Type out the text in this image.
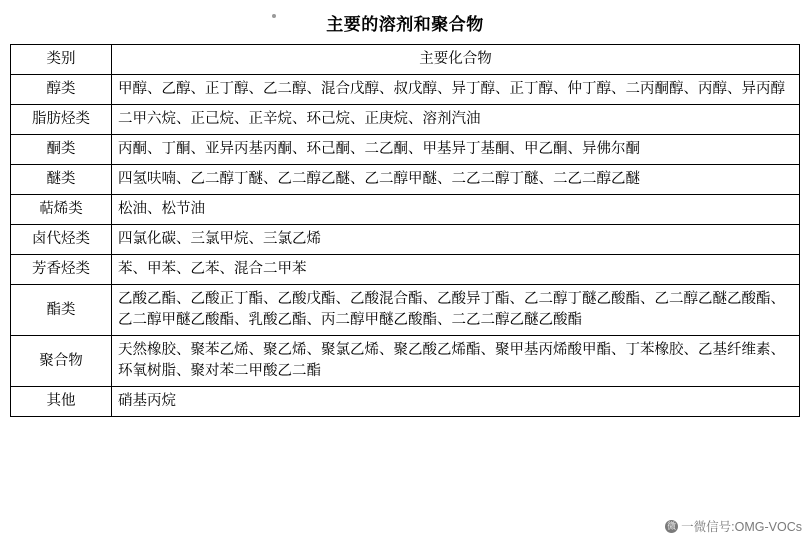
主要的溶剂和聚合物
类别	主要化合物
醇类	甲醇、乙醇、正丁醇、乙二醇、混合戊醇、叔戊醇、异丁醇、正丁醇、仲丁醇、二丙酮醇、丙醇、异丙醇
脂肪烃类	二甲六烷、正己烷、正辛烷、环己烷、正庚烷、溶剂汽油
酮类	丙酮、丁酮、亚异丙基丙酮、环己酮、二乙酮、甲基异丁基酮、甲乙酮、异佛尔酮
醚类	四氢呋喃、乙二醇丁醚、乙二醇乙醚、乙二醇甲醚、二乙二醇丁醚、二乙二醇乙醚
萜烯类	松油、松节油
卤代烃类	四氯化碳、三氯甲烷、三氯乙烯
芳香烃类	苯、甲苯、乙苯、混合二甲苯
酯类	乙酸乙酯、乙酸正丁酯、乙酸戊酯、乙酸混合酯、乙酸异丁酯、乙二醇丁醚乙酸酯、乙二醇乙醚乙酸酯、乙二醇甲醚乙酸酯、乳酸乙酯、丙二醇甲醚乙酸酯、二乙二醇乙醚乙酸酯
聚合物	天然橡胶、聚苯乙烯、聚乙烯、聚氯乙烯、聚乙酸乙烯酯、聚甲基丙烯酸甲酯、丁苯橡胶、乙基纤维素、环氧树脂、聚对苯二甲酸乙二酯
其他	硝基丙烷
微 一微信号:OMG-VOCs
